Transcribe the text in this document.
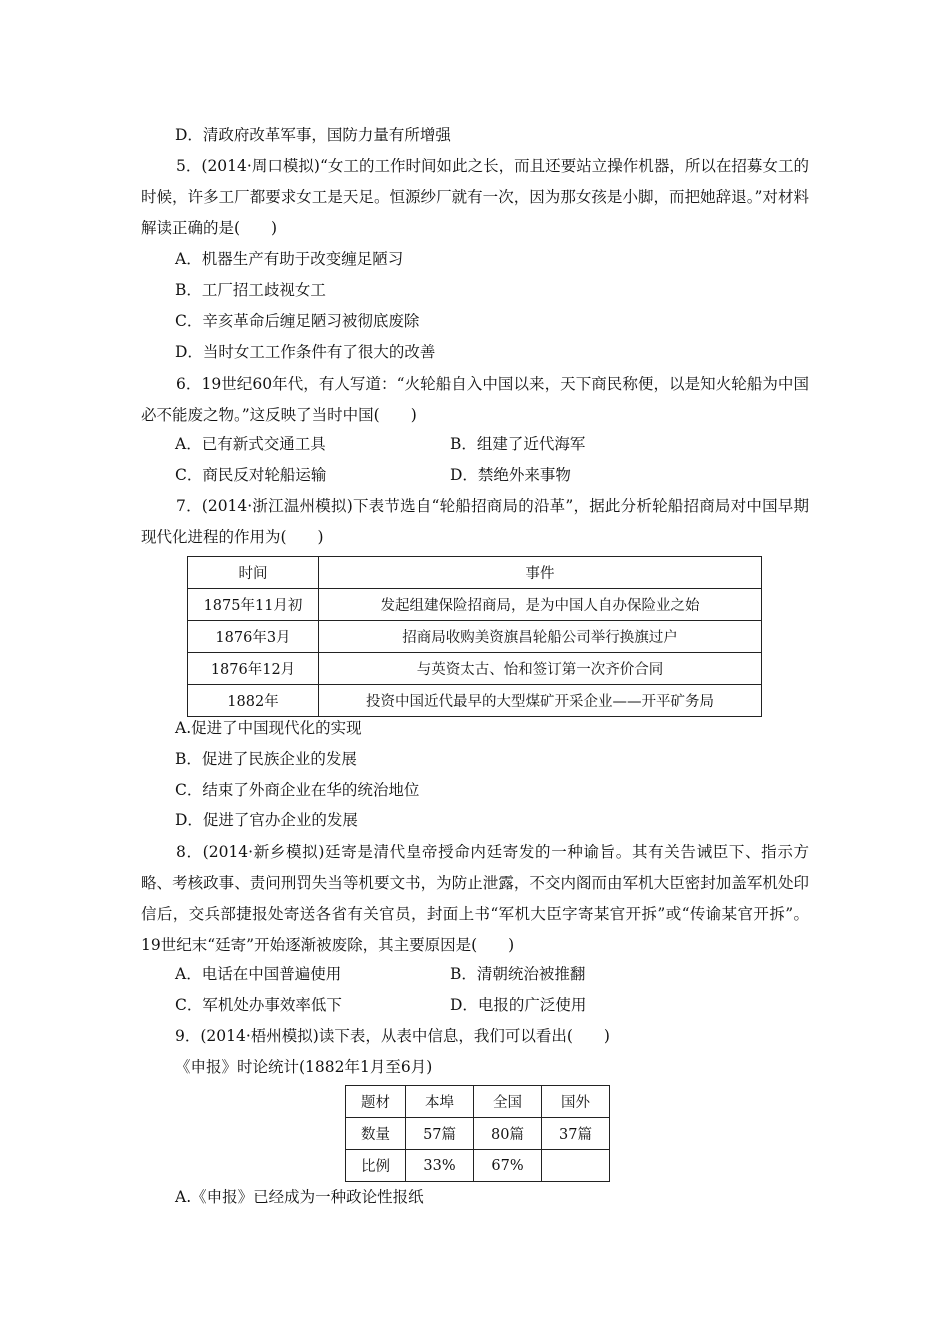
D．清政府改革军事，国防力量有所增强
5．(2014·周口模拟)“女工的工作时间如此之长，而且还要站立操作机器，所以在招募女工的时候，许多工厂都要求女工是天足。恒源纱厂就有一次，因为那女孩是小脚，而把她辞退。”对材料解读正确的是(　　)
A．机器生产有助于改变缠足陋习
B．工厂招工歧视女工
C．辛亥革命后缠足陋习被彻底废除
D．当时女工工作条件有了很大的改善
6．19世纪60年代，有人写道：“火轮船自入中国以来，天下商民称便，以是知火轮船为中国必不能废之物。”这反映了当时中国(　　)
A．已有新式交通工具	B．组建了近代海军
C．商民反对轮船运输	D．禁绝外来事物
7．(2014·浙江温州模拟)下表节选自“轮船招商局的沿革”，据此分析轮船招商局对中国早期现代化进程的作用为(　　)
时间	事件
1875年11月初	发起组建保险招商局，是为中国人自办保险业之始
1876年3月	招商局收购美资旗昌轮船公司举行换旗过户
1876年12月	与英资太古、怡和签订第一次齐价合同
1882年	投资中国近代最早的大型煤矿开采企业——开平矿务局
A.促进了中国现代化的实现
B．促进了民族企业的发展
C．结束了外商企业在华的统治地位
D．促进了官办企业的发展
8．(2014·新乡模拟)廷寄是清代皇帝授命内廷寄发的一种谕旨。其有关告诫臣下、指示方略、考核政事、责问刑罚失当等机要文书，为防止泄露，不交内阁而由军机大臣密封加盖军机处印信后，交兵部捷报处寄送各省有关官员，封面上书“军机大臣字寄某官开拆”或“传谕某官开拆”。19世纪末“廷寄”开始逐渐被废除，其主要原因是(　　)
A．电话在中国普遍使用	B．清朝统治被推翻
C．军机处办事效率低下	D．电报的广泛使用
9．(2014·梧州模拟)读下表，从表中信息，我们可以看出(　　)
《申报》时论统计(1882年1月至6月)
题材	本埠	全国	国外
数量	57篇	80篇	37篇
比例	33%	67%	
A.《申报》已经成为一种政论性报纸
